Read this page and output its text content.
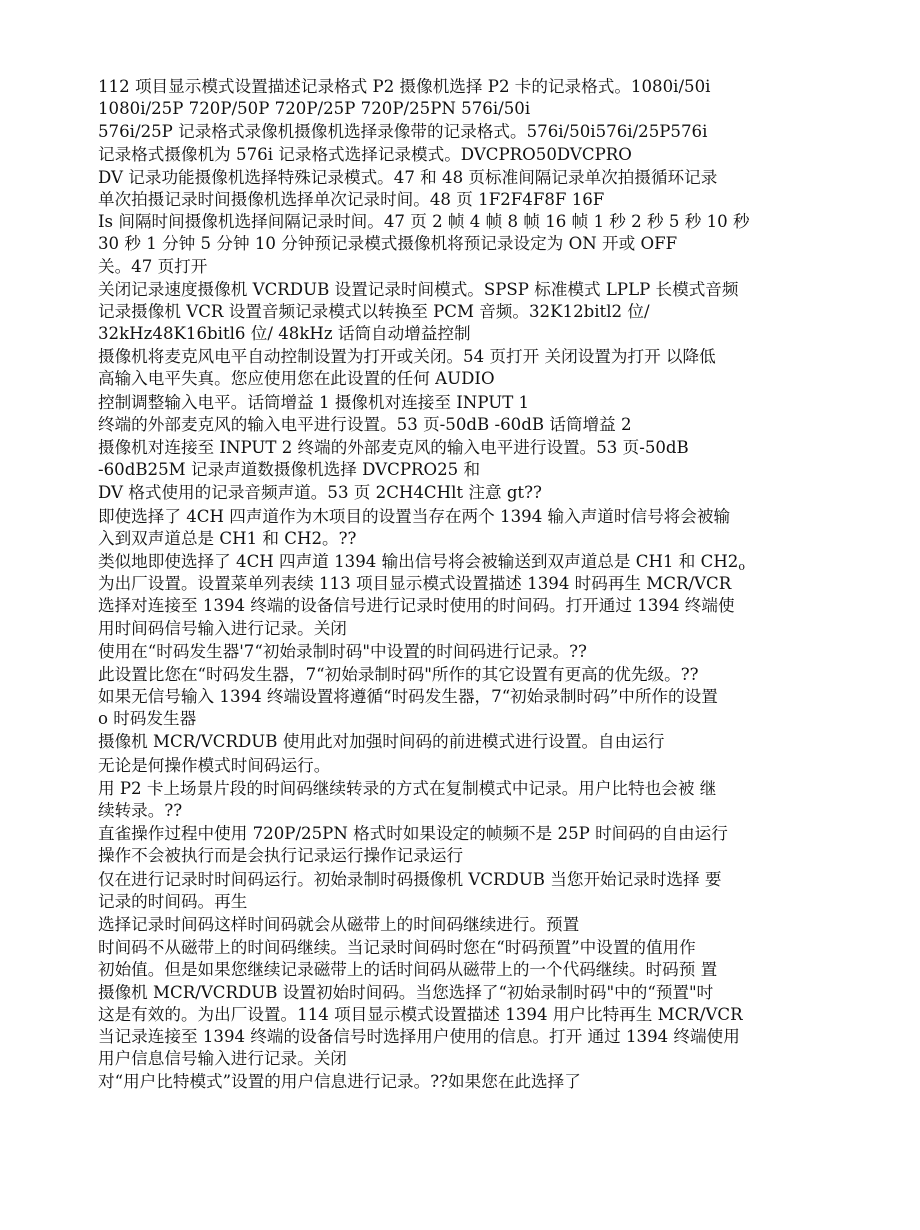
112 项目显示模式设置描述记录格式 P2 摄像机选择 P2 卡的记录格式。1080i/50i
1080i/25P 720P/50P 720P/25P 720P/25PN 576i/50i
576i/25P 记录格式录像机摄像机选择录像带的记录格式。576i/50i576i/25P576i
记录格式摄像机为 576i 记录格式选择记录模式。DVCPRO50DVCPRO
DV 记录功能摄像机选择特殊记录模式。47 和 48 页标准间隔记录单次拍摄循环记录
单次拍摄记录时间摄像机选择单次记录时间。48 页 1F2F4F8F 16F
Is 间隔时间摄像机选择间隔记录时间。47 页 2 帧 4 帧 8 帧 16 帧 1 秒 2 秒 5 秒 10 秒
30 秒 1 分钟 5 分钟 10 分钟预记录模式摄像机将预记录设定为 ON 开或 OFF
关。47 页打开
关闭记录速度摄像机 VCRDUB 设置记录时间模式。SPSP 标准模式 LPLP 长模式音频
记录摄像机 VCR 设置音频记录模式以转换至 PCM 音频。32K12bitl2 位/
32kHz48K16bitl6 位/ 48kHz 话筒自动增益控制
摄像机将麦克风电平自动控制设置为打开或关闭。54 页打开 关闭设置为打开 以降低
高输入电平失真。您应使用您在此设置的任何 AUDIO
控制调整输入电平。话筒增益 1 摄像机对连接至 INPUT 1
终端的外部麦克风的输入电平进行设置。53 页-50dB -60dB 话筒增益 2
摄像机对连接至 INPUT 2 终端的外部麦克风的输入电平进行设置。53 页-50dB
-60dB25M 记录声道数摄像机选择 DVCPRO25 和
DV 格式使用的记录音频声道。53 页 2CH4CHlt 注意 gt??
即使选择了 4CH 四声道作为木项目的设置当存在两个 1394 输入声道时信号将会被输
入到双声道总是 CH1 和 CH2。??
类似地即使选择了 4CH 四声道 1394 输出信号将会被输送到双声道总是 CH1 和 $CH2_o$
为出厂设置。设置菜单列表续 113 项目显示模式设置描述 1394 时码再生 MCR/VCR
选择对连接至 1394 终端的设备信号进行记录时使用的时间码。打开通过 1394 终端使
用时间码信号输入进行记录。关闭
使用在“时码发生器'7“初始录制时码"中设置的时间码进行记录。??
此设置比您在“时码发生器，7“初始录制时码"所作的其它设置有更高的优先级。??
如果无信号输入 1394 终端设置将遵循“时码发生器，7“初始录制时码”中所作的设置
o 时码发生器
摄像机 MCR/VCRDUB 使用此对加强时间码的前进模式进行设置。自由运行
无论是何操作模式时间码运行。
用 P2 卡上场景片段的时间码继续转录的方式在复制模式中记录。用户比特也会被 继
续转录。??
直雀操作过程中使用 720P/25PN 格式时如果设定的帧频不是 25P 时间码的自由运行
操作不会被执行而是会执行记录运行操作记录运行
仅在进行记录时时间码运行。初始录制时码摄像机 VCRDUB 当您开始记录时选择 要
记录的时间码。再生
选择记录时间码这样时间码就会从磁带上的时间码继续进行。预置
时间码不从磁带上的时间码继续。当记录时间码时您在“时码预置”中设置的值用作
初始值。但是如果您继续记录磁带上的话时间码从磁带上的一个代码继续。时码预 置
摄像机 MCR/VCRDUB 设置初始时间码。当您选择了“初始录制时码"中的“预置"吋
这是有效的。为出厂设置。114 项目显示模式设置描述 1394 用户比特再生 MCR/VCR
当记录连接至 1394 终端的设备信号时选择用户使用的信息。打开 通过 1394 终端使用
用户信息信号输入进行记录。关闭
对“用户比特模式”设置的用户信息进行记录。??如果您在此选择了
